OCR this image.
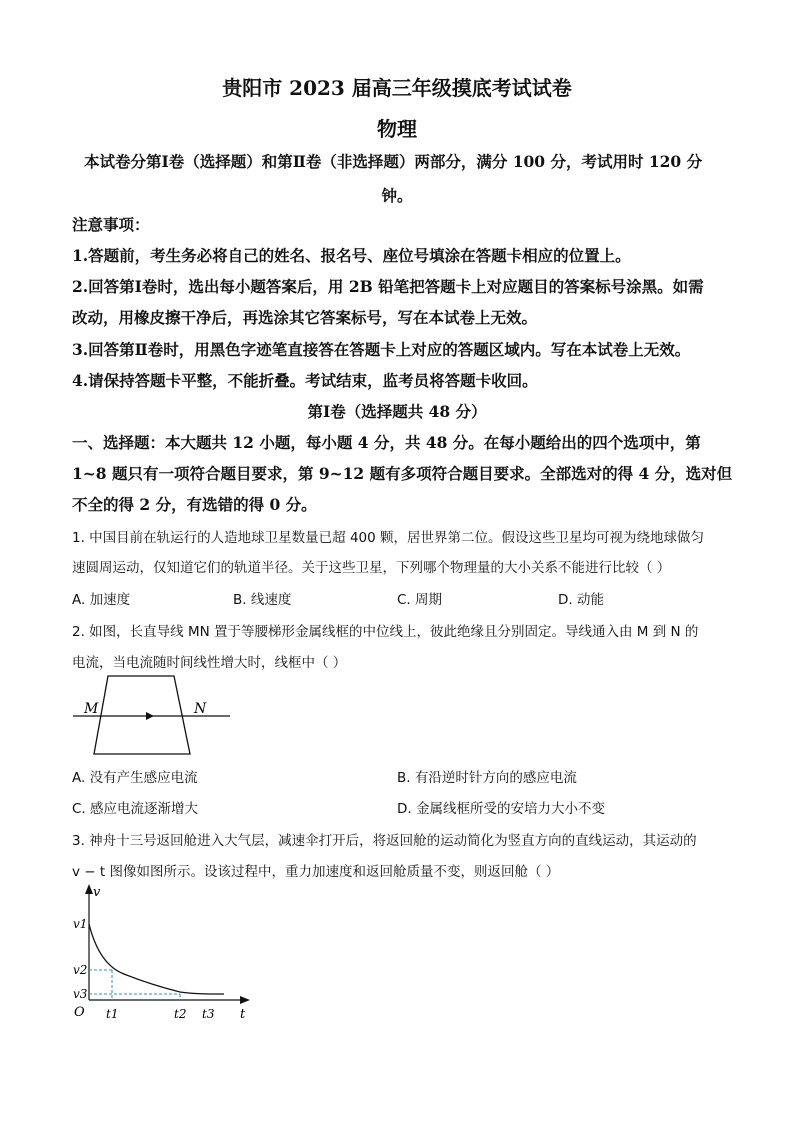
贵阳市 2023 届高三年级摸底考试试卷
物理
本试卷分第Ⅰ卷（选择题）和第Ⅱ卷（非选择题）两部分，满分 100 分，考试用时 120 分
钟。
注意事项：
1.答题前，考生务必将自己的姓名、报名号、座位号填涂在答题卡相应的位置上。
2.回答第Ⅰ卷时，选出每小题答案后，用 2B 铅笔把答题卡上对应题目的答案标号涂黑。如需
改动，用橡皮擦干净后，再选涂其它答案标号，写在本试卷上无效。
3.回答第Ⅱ卷时，用黑色字迹笔直接答在答题卡上对应的答题区域内。写在本试卷上无效。
4.请保持答题卡平整，不能折叠。考试结束，监考员将答题卡收回。
第Ⅰ卷（选择题共 48 分）
一、选择题：本大题共 12 小题，每小题 4 分，共 48 分。在每小题给出的四个选项中，第
1~8 题只有一项符合题目要求，第 9~12 题有多项符合题目要求。全部选对的得 4 分，选对但
不全的得 2 分，有选错的得 0 分。
1. 中国目前在轨运行的人造地球卫星数量已超 400 颗，居世界第二位。假设这些卫星均可视为绕地球做匀
速圆周运动，仅知道它们的轨道半径。关于这些卫星，下列哪个物理量的大小关系不能进行比较（ ）
A. 加速度	B. 线速度	C. 周期	D. 动能
2. 如图，长直导线 MN 置于等腰梯形金属线框的中位线上，彼此绝缘且分别固定。导线通入由 M 到 N 的
电流，当电流随时间线性增大时，线框中（ ）
M	N
A. 没有产生感应电流	B. 有沿逆时针方向的感应电流
C. 感应电流逐渐增大	D. 金属线框所受的安培力大小不变
3. 神舟十三号返回舱进入大气层，减速伞打开后，将返回舱的运动简化为竖直方向的直线运动，其运动的
v − t 图像如图所示。设该过程中，重力加速度和返回舱质量不变，则返回舱（ ）
v
t
O
v1
v2
v3
t1	t2 t3
